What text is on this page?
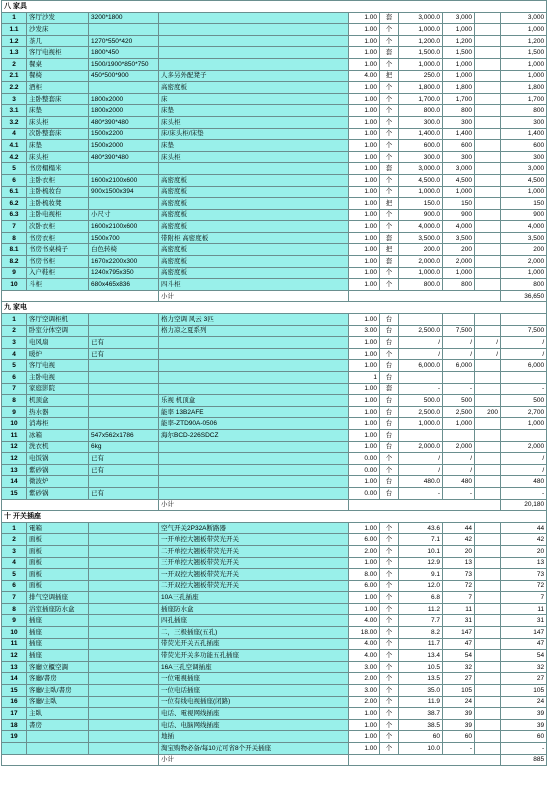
八 家具									
1	客厅沙发	3200*1800		1.00	套	3,000.0	3,000		3,000
1.1	沙发床			1.00	个	1,000.0	1,000		1,000
1.2	茶几	1270*550*420		1.00	个	1,200.0	1,200		1,200
1.3	客厅电视柜	1800*450		1.00	套	1,500.0	1,500		1,500
2	餐桌	1500/1900*850*750		1.00	个	1,000.0	1,000		1,000
2.1	餐椅	450*500*900	人多另外配凳子	4.00	把	250.0	1,000		1,000
2.2	酒柜		高密度板	1.00	个	1,800.0	1,800		1,800
3	主卧整套床	1800x2000	床	1.00	个	1,700.0	1,700		1,700
3.1	床垫	1800x2000	床垫	1.00	个	800.0	800		800
3.2	床头柜	480*390*480	床头柜	1.00	个	300.0	300		300
4	次卧整套床	1500x2200	床/床头柜/床垫	1.00	个	1,400.0	1,400		1,400
4.1	床垫	1500x2000	床垫	1.00	个	600.0	600		600
4.2	床头柜	480*390*480	床头柜	1.00	个	300.0	300		300
5	书房榻榻米			1.00	套	3,000.0	3,000		3,000
6	主卧衣柜	1600x2100x600	高密度板	1.00	个	4,500.0	4,500		4,500
6.1	主卧梳妆台	900x1500x394	高密度板	1.00	个	1,000.0	1,000		1,000
6.2	主卧梳妆凳		高密度板	1.00	把	150.0	150		150
6.3	主卧电视柜	小尺寸	高密度板	1.00	个	900.0	900		900
7	次卧衣柜	1600x2100x600	高密度板	1.00	个	4,000.0	4,000		4,000
8	书房衣柜	1500x700	带附柜 高密度板	1.00	套	3,500.0	3,500		3,500
8.1	书房书桌椅子	白色转椅	高密度板	1.00	把	200.0	200		200
8.2	书房书柜	1670x2200x300	高密度板	1.00	套	2,000.0	2,000		2,000
9	入户鞋柜	1240x795x350	高密度板	1.00	个	1,000.0	1,000		1,000
10	斗柜	680x465x836	四斗柜	1.00	个	800.0	800		800
			小计						36,650
九 家电									
1	客厅空调柜机		格力空调 风云 3匹	1.00	台				
2	卧室分体空调		格力凉之夏系列	3.00	台	2,500.0	7,500		7,500
3	电风扇	已有		1.00	台	/	/	/	/
4	暖炉	已有		1.00	个	/	/	/	/
5	客厅电视			1.00	台	6,000.0	6,000		6,000
6	主卧电视			1	台				
7	家庭影院			1.00	套	-	-		-
8	机顶盒		乐视 机顶盒	1.00	台	500.0	500		500
9	热水器		能率 13B2AFE	1.00	台	2,500.0	2,500	200	2,700
10	消毒柜		能率-ZTD90A-0506	1.00	台	1,000.0	1,000		1,000
11	冰箱	547x562x1786	海尔BCD-226SDCZ	1.00	台				
12	洗衣机	6kg		1.00	台	2,000.0	2,000		2,000
12	电饭锅	已有		0.00	个	/	/		/
13	紫砂锅	已有		0.00	个	/	/		/
14	微波炉			1.00	台	480.0	480		480
15	紫砂锅	已有		0.00	台	-	-		-
			小计						20,180
十 开关插座									
1	電箱		空气开关2P32A断路器	1.00	个	43.6	44		44
2	面板		一开单控大翘板带荧光开关	6.00	个	7.1	42		42
3	面板		二开单控大翘板带荧光开关	2.00	个	10.1	20		20
4	面板		三开单控大翘板带荧光开关	1.00	个	12.9	13		13
5	面板		一开双控大翘板带荧光开关	8.00	个	9.1	73		73
6	面板		二开双控大翘板带荧光开关	6.00	个	12.0	72		72
7	排气空调插座		10A三孔插座	1.00	个	6.8	7		7
8	浴室插座防水盒		插座防水盒	1.00	个	11.2	11		11
9	插座		四孔插座	4.00	个	7.7	31		31
10	插座		二，三极插座(五孔)	18.00	个	8.2	147		147
11	插座		带荧光开关五孔插座	4.00	个	11.7	47		47
12	插座		带荧光开关多功能五孔插座	4.00	个	13.4	54		54
13	客廳立櫃空調		16A三孔空调插座	3.00	个	10.5	32		32
14	客廳/書房		一位電視插座	2.00	个	13.5	27		27
15	客廳/主臥/書房		一位电话插座	3.00	个	35.0	105		105
16	客廳/主臥		一位有线电视插座(闭路)	2.00	个	11.9	24		24
17	主臥		电话、電視网线插座	1.00	个	38.7	39		39
18	書房		电话、电脑网线插座	1.00	个	38.5	39		39
19			地插	1.00	个	60	60		60
			淘宝购物必备/每10元可省8个开关插座	1.00	个	10.0	-		-
			小计						885
